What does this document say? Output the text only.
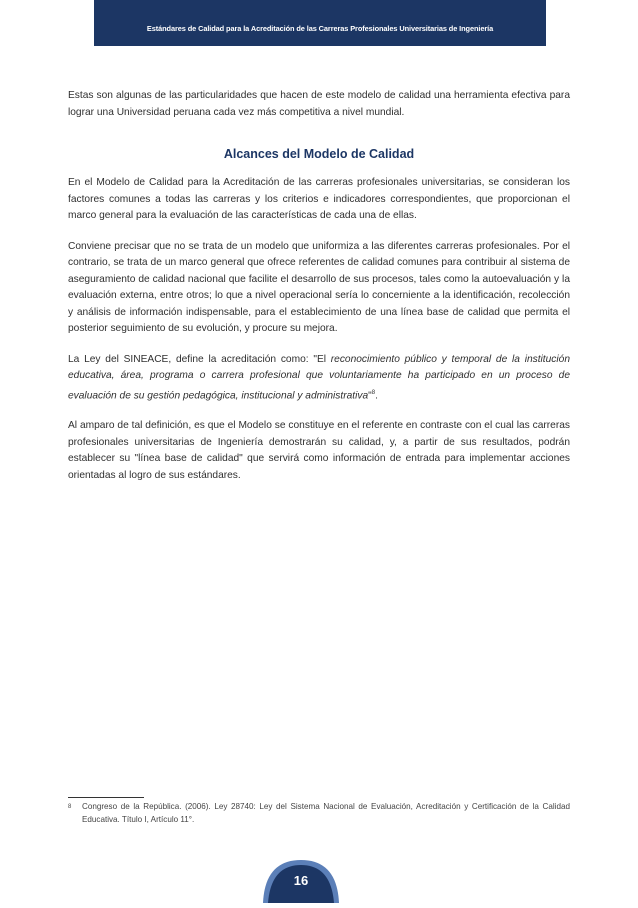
Estándares de Calidad para la Acreditación de las Carreras Profesionales Universitarias de Ingeniería

Estas son algunas de las particularidades que hacen de este modelo de calidad una herramienta efectiva para lograr una Universidad peruana cada vez más competitiva a nivel mundial.

Alcances del Modelo de Calidad

En el Modelo de Calidad para la Acreditación de las carreras profesionales universitarias, se consideran los factores comunes a todas las carreras y los criterios e indicadores correspondientes, que proporcionan el marco general para la evaluación de las características de cada una de ellas.

Conviene precisar que no se trata de un modelo que uniformiza a las diferentes carreras profesionales. Por el contrario, se trata de un marco general que ofrece referentes de calidad comunes para contribuir al sistema de aseguramiento de calidad nacional que facilite el desarrollo de sus procesos, tales como la autoevaluación y la evaluación externa, entre otros; lo que a nivel operacional sería lo concerniente a la identificación, recolección y análisis de información indispensable, para el establecimiento de una línea base de calidad que permita el posterior seguimiento de su evolución, y procure su mejora.

La Ley del SINEACE, define la acreditación como: "El reconocimiento público y temporal de la institución educativa, área, programa o carrera profesional que voluntariamente ha participado en un proceso de evaluación de su gestión pedagógica, institucional y administrativa"$^8$.

Al amparo de tal definición, es que el Modelo se constituye en el referente en contraste con el cual las carreras profesionales universitarias de Ingeniería demostrarán su calidad, y, a partir de sus resultados, podrán establecer su "línea base de calidad" que servirá como información de entrada para implementar acciones orientadas al logro de sus estándares.

8 Congreso de la República. (2006). Ley 28740: Ley del Sistema Nacional de Evaluación, Acreditación y Certificación de la Calidad Educativa. Título I, Artículo 11°.
16
